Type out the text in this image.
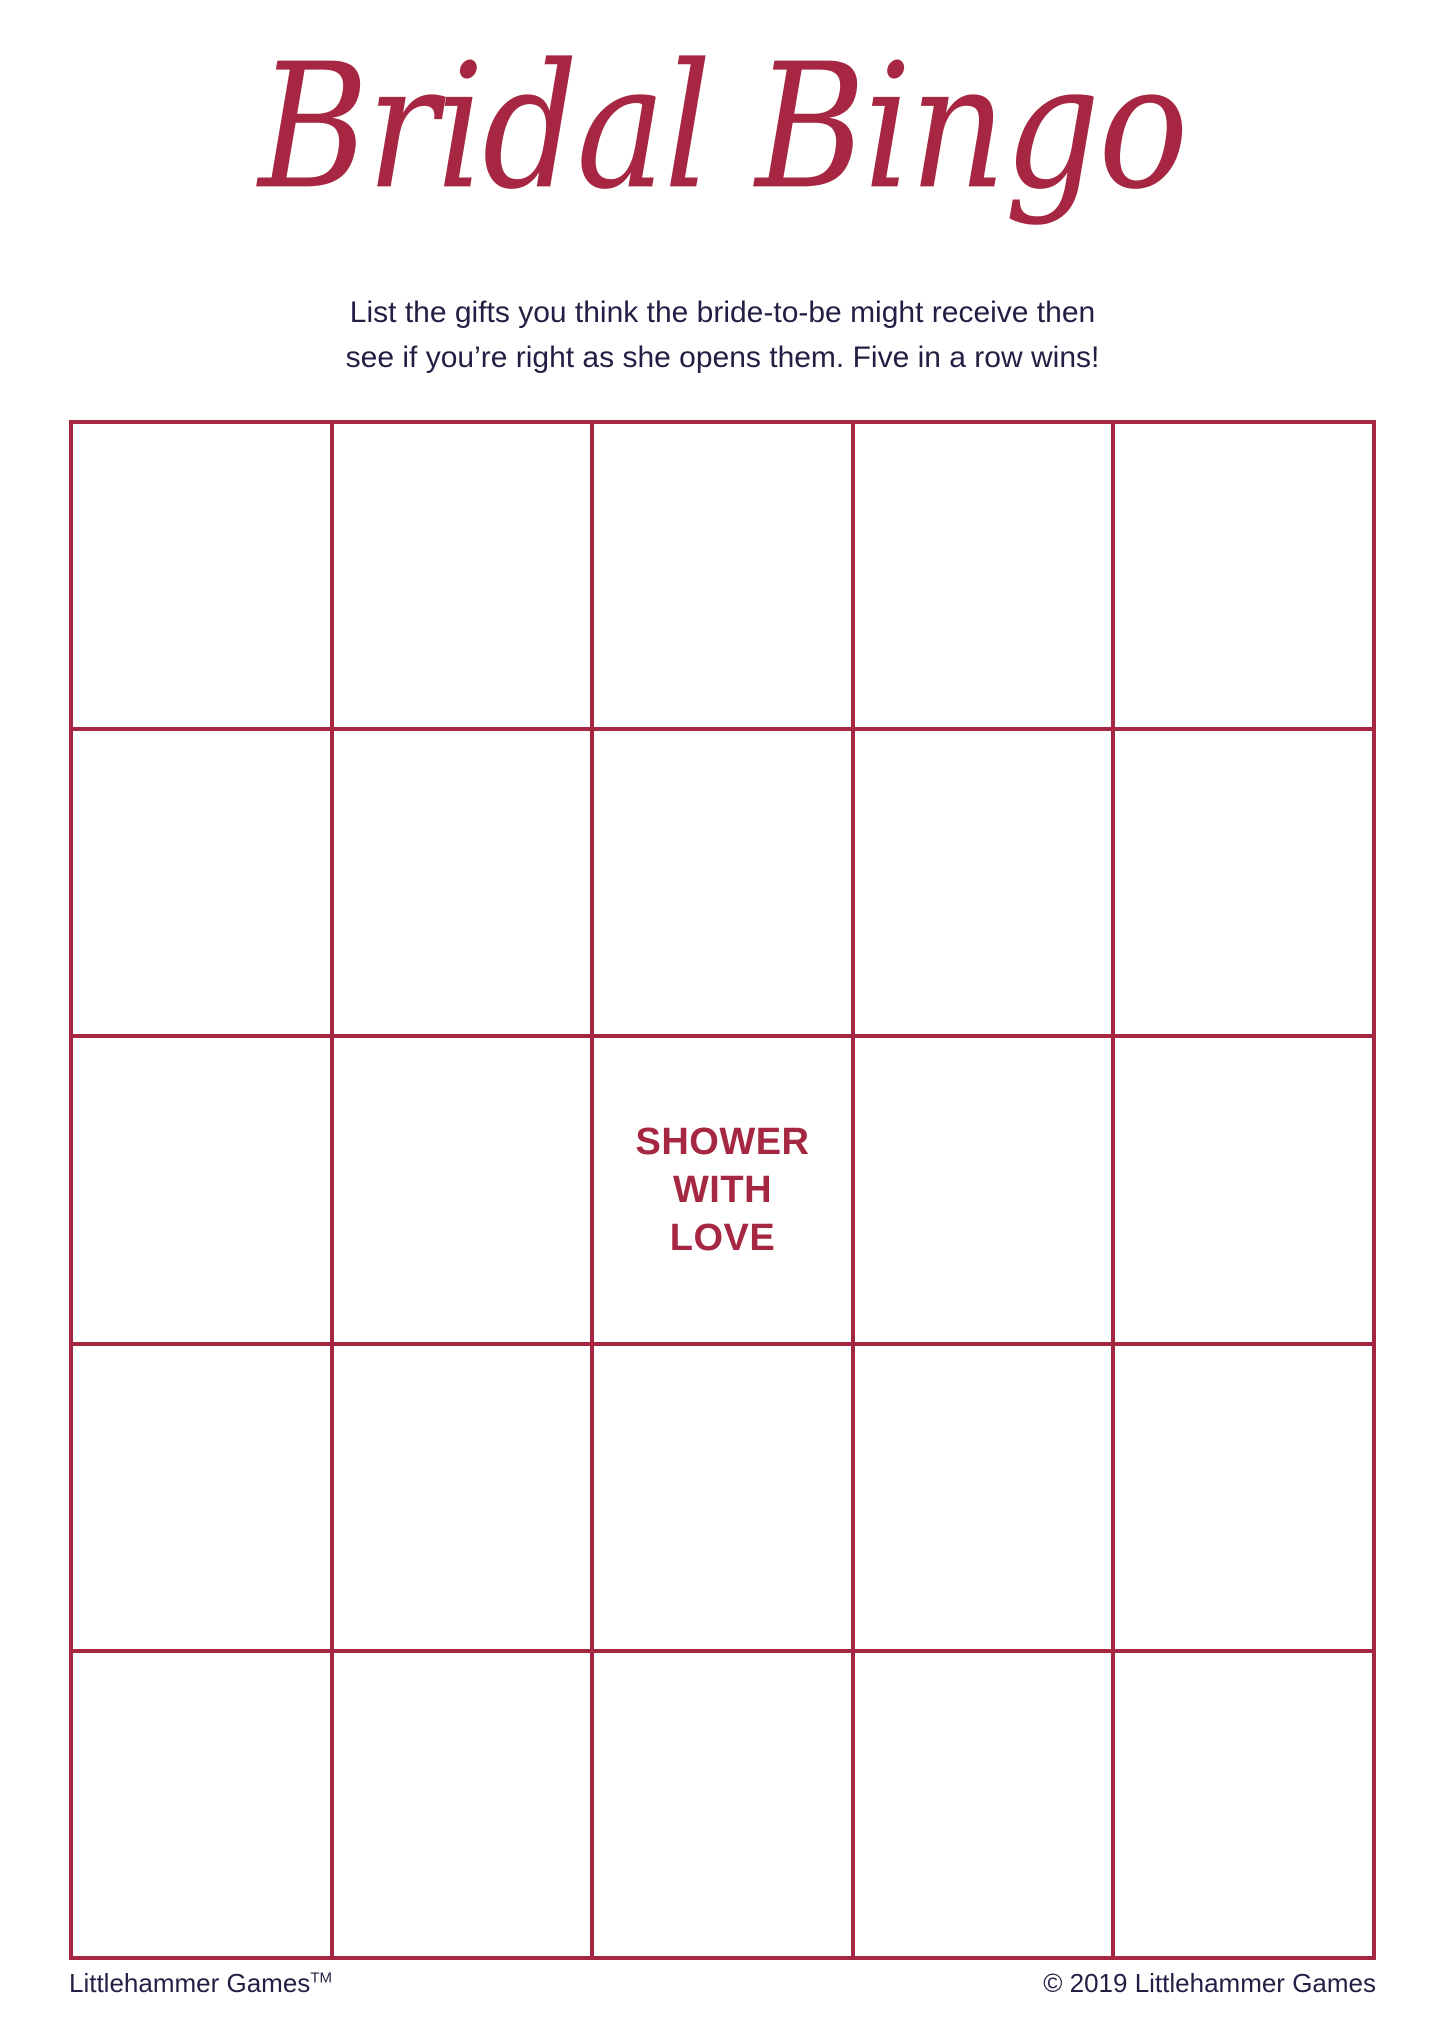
Bridal Bingo
List the gifts you think the bride-to-be might receive then
see if you’re right as she opens them. Five in a row wins!
SHOWER
WITH
LOVE
Littlehammer Games™	© 2019 Littlehammer Games
